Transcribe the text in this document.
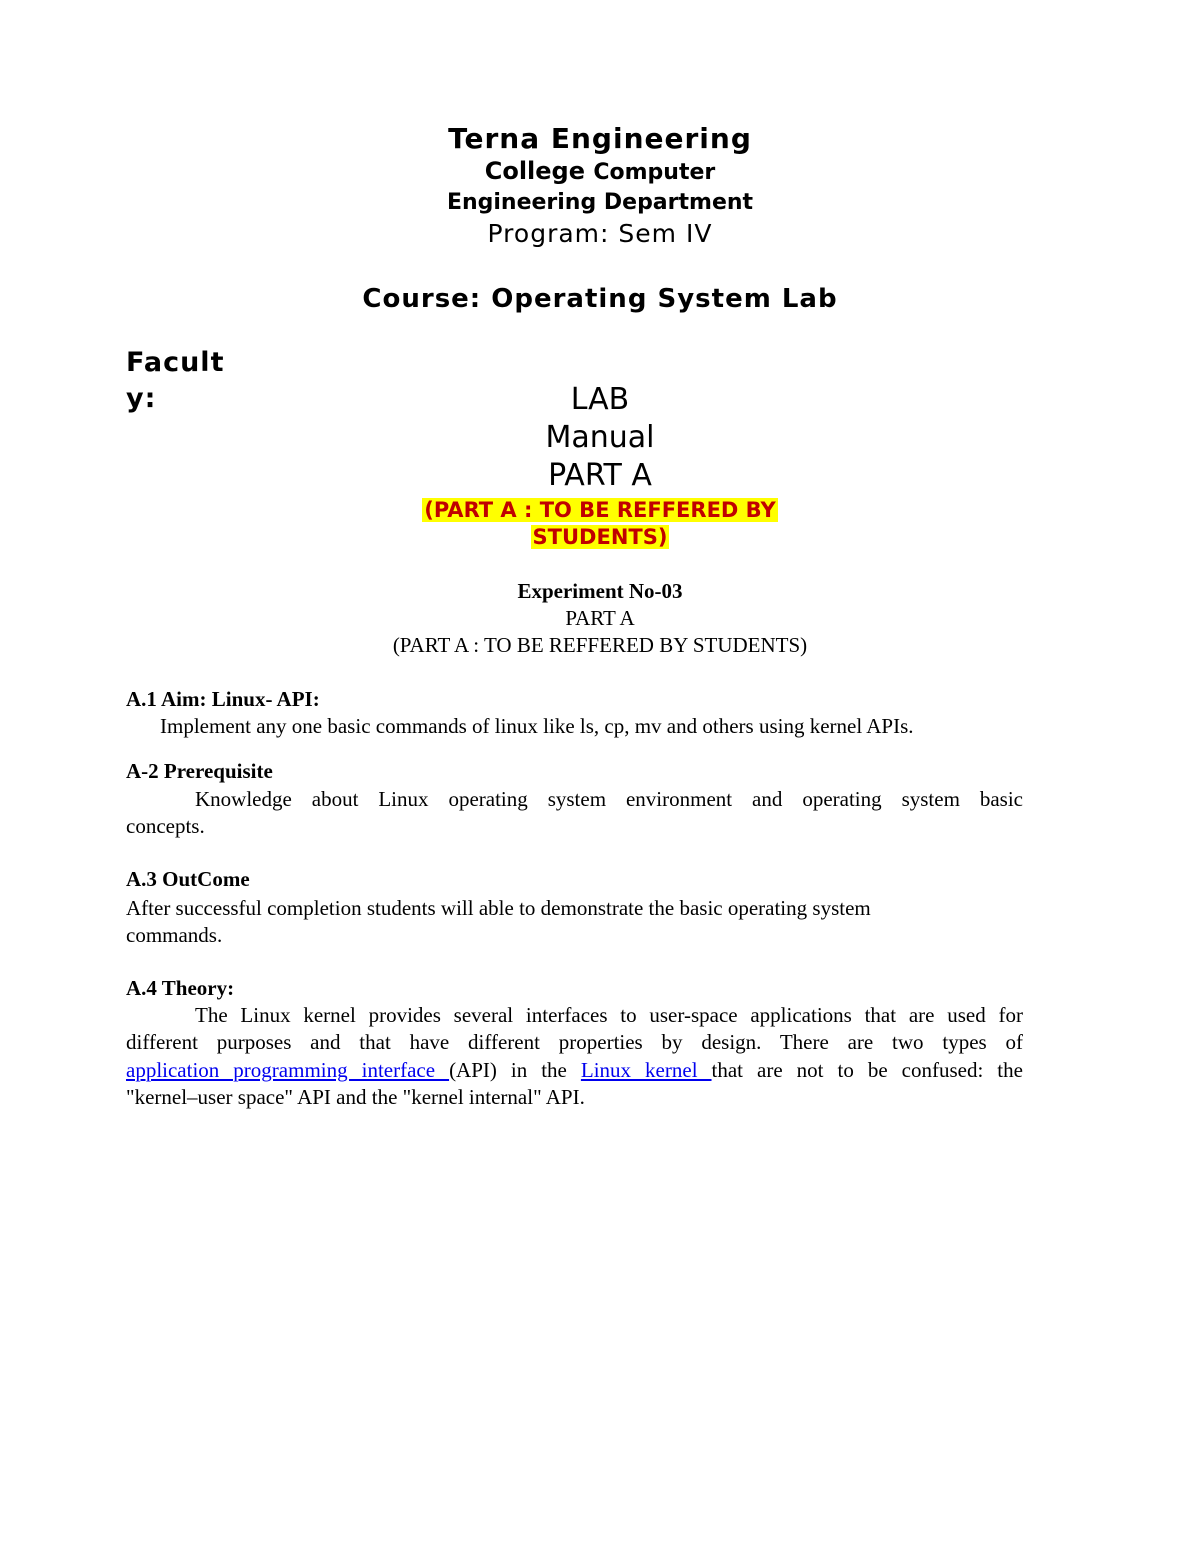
Terna Engineering
College Computer
Engineering Department
Program: Sem IV
Course: Operating System Lab
Facult
y:	LAB
Manual
PART A
(PART A : TO BE REFFERED BY
STUDENTS)
Experiment No-03
PART A
(PART A : TO BE REFFERED BY STUDENTS)
A.1 Aim: Linux- API:
Implement any one basic commands of linux like ls, cp, mv and others using kernel APIs.
A-2 Prerequisite
Knowledge about Linux operating system environment and operating system basic
concepts.
A.3 OutCome
After successful completion students will able to demonstrate the basic operating system
commands.
A.4 Theory:
The Linux kernel provides several interfaces to user-space applications that are used for
different purposes and that have different properties by design. There are two types of
application programming interface (API) in the Linux kernel that are not to be confused: the
"kernel–user space" API and the "kernel internal" API.
